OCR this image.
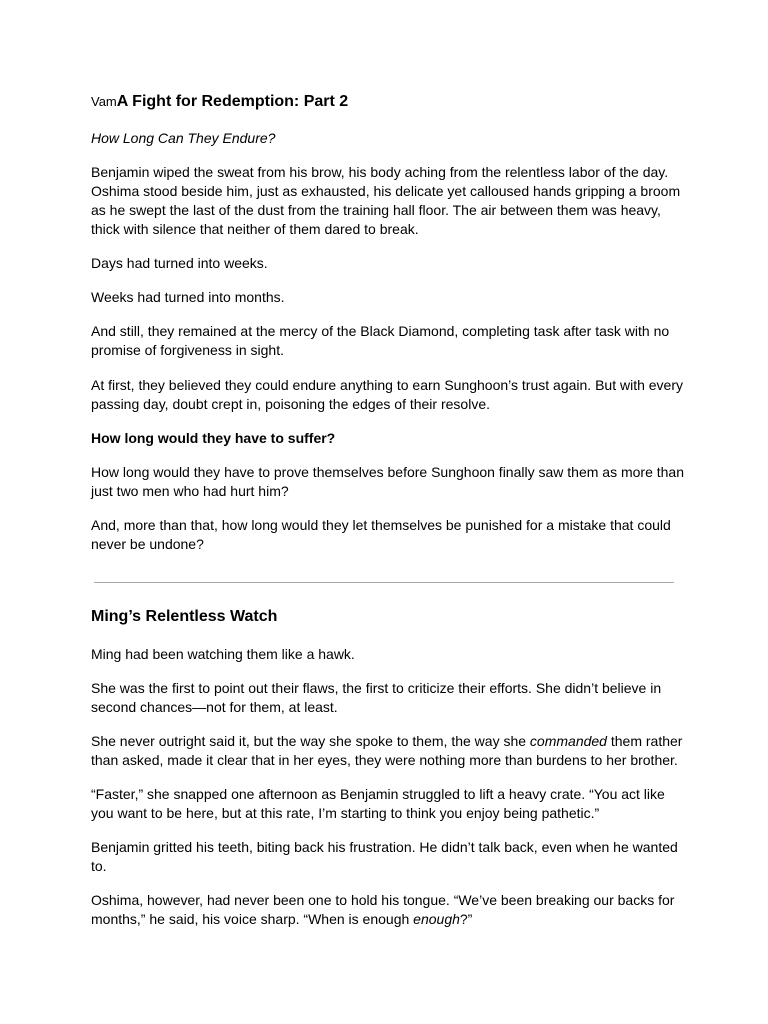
VamA Fight for Redemption: Part 2

How Long Can They Endure?

Benjamin wiped the sweat from his brow, his body aching from the relentless labor of the day. Oshima stood beside him, just as exhausted, his delicate yet calloused hands gripping a broom as he swept the last of the dust from the training hall floor. The air between them was heavy, thick with silence that neither of them dared to break.

Days had turned into weeks.

Weeks had turned into months.

And still, they remained at the mercy of the Black Diamond, completing task after task with no promise of forgiveness in sight.

At first, they believed they could endure anything to earn Sunghoon’s trust again. But with every passing day, doubt crept in, poisoning the edges of their resolve.

How long would they have to suffer?

How long would they have to prove themselves before Sunghoon finally saw them as more than just two men who had hurt him?

And, more than that, how long would they let themselves be punished for a mistake that could never be undone?

Ming’s Relentless Watch

Ming had been watching them like a hawk.

She was the first to point out their flaws, the first to criticize their efforts. She didn’t believe in second chances—not for them, at least.

She never outright said it, but the way she spoke to them, the way she commanded them rather than asked, made it clear that in her eyes, they were nothing more than burdens to her brother.

“Faster,” she snapped one afternoon as Benjamin struggled to lift a heavy crate. “You act like you want to be here, but at this rate, I’m starting to think you enjoy being pathetic.”

Benjamin gritted his teeth, biting back his frustration. He didn’t talk back, even when he wanted to.

Oshima, however, had never been one to hold his tongue. “We’ve been breaking our backs for months,” he said, his voice sharp. “When is enough enough?”
